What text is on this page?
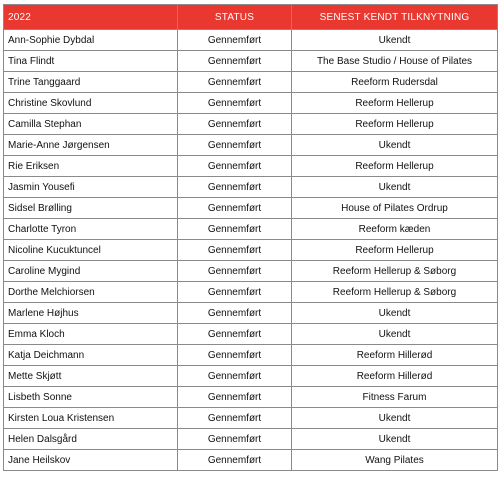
2022	STATUS	SENEST KENDT TILKNYTNING
Ann-Sophie Dybdal	Gennemført	Ukendt
Tina Flindt	Gennemført	The Base Studio / House of Pilates
Trine Tanggaard	Gennemført	Reeform Rudersdal
Christine Skovlund	Gennemført	Reeform Hellerup
Camilla Stephan	Gennemført	Reeform Hellerup
Marie-Anne Jørgensen	Gennemført	Ukendt
Rie Eriksen	Gennemført	Reeform Hellerup
Jasmin Yousefi	Gennemført	Ukendt
Sidsel Brølling	Gennemført	House of Pilates Ordrup
Charlotte Tyron	Gennemført	Reeform kæden
Nicoline Kucuktuncel	Gennemført	Reeform Hellerup
Caroline Mygind	Gennemført	Reeform Hellerup & Søborg
Dorthe Melchiorsen	Gennemført	Reeform Hellerup & Søborg
Marlene Højhus	Gennemført	Ukendt
Emma Kloch	Gennemført	Ukendt
Katja Deichmann	Gennemført	Reeform Hillerød
Mette Skjøtt	Gennemført	Reeform Hillerød
Lisbeth Sonne	Gennemført	Fitness Farum
Kirsten Loua Kristensen	Gennemført	Ukendt
Helen Dalsgård	Gennemført	Ukendt
Jane Heilskov	Gennemført	Wang Pilates
